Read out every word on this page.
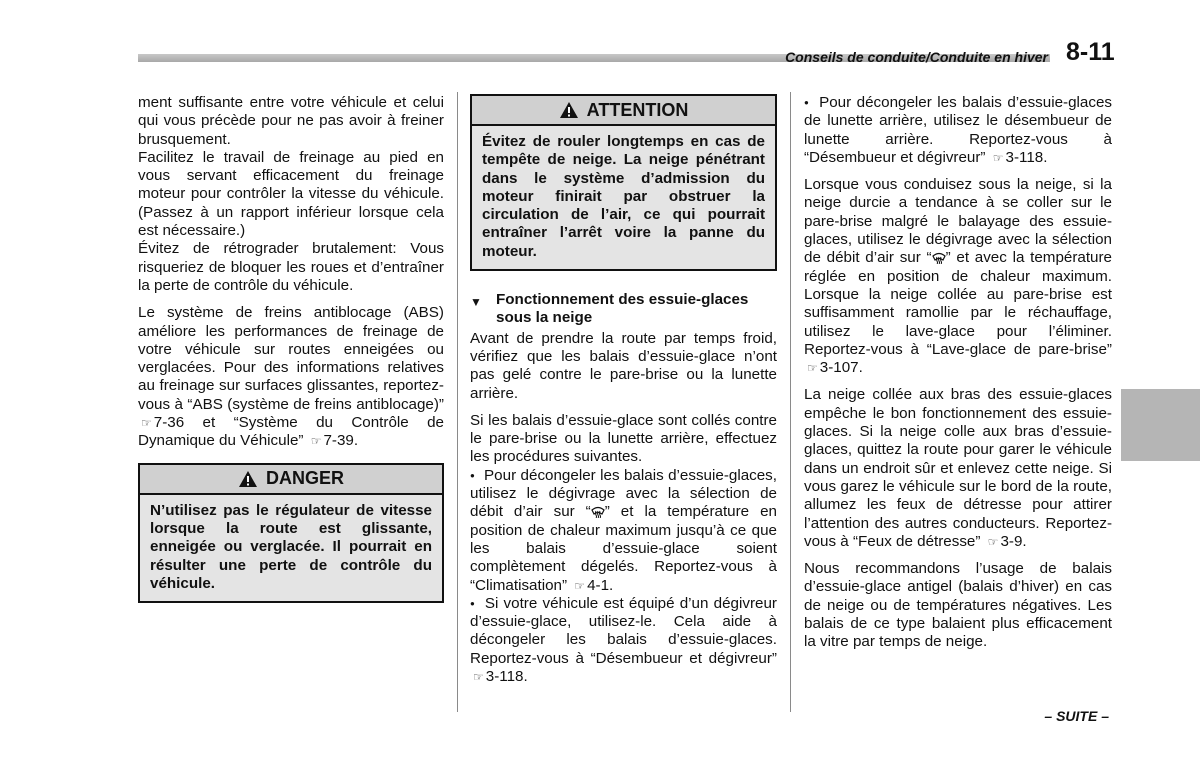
Conseils de conduite/Conduite en hiver 8-11

ment suffisante entre votre véhicule et celui qui vous précède pour ne pas avoir à freiner brusquement.

Facilitez le travail de freinage au pied en vous servant efficacement du freinage moteur pour contrôler la vitesse du véhicule. (Passez à un rapport inférieur lorsque cela est nécessaire.)

Évitez de rétrograder brutalement: Vous risqueriez de bloquer les roues et d’entraîner la perte de contrôle du véhicule.

Le système de freins antiblocage (ABS) améliore les performances de freinage de votre véhicule sur routes enneigées ou verglacées. Pour des informations relatives au freinage sur surfaces glissantes, reportez-vous à “ABS (système de freins antiblocage)” ☞ 7-36 et “Système du Contrôle de Dynamique du Véhicule” ☞ 7-39.

DANGER
N’utilisez pas le régulateur de vitesse lorsque la route est glissante, enneigée ou verglacée. Il pourrait en résulter une perte de contrôle du véhicule.
ATTENTION
Évitez de rouler longtemps en cas de tempête de neige. La neige pénétrant dans le système d’admission du moteur finirait par obstruer la circulation de l’air, ce qui pourrait entraîner l’arrêt voire la panne du moteur.
▼ Fonctionnement des essuie-glaces sous la neige

Avant de prendre la route par temps froid, vérifiez que les balais d’essuie-glace n’ont pas gelé contre le pare-brise ou la lunette arrière.

Si les balais d’essuie-glace sont collés contre le pare-brise ou la lunette arrière, effectuez les procédures suivantes.

● Pour décongeler les balais d’essuie-glaces, utilisez le dégivrage avec la sélection de débit d’air sur “ ” et la température en position de chaleur maximum jusqu’à ce que les balais d’essuie-glace soient complètement dégelés. Reportez-vous à “Climatisation” ☞ 4-1.

● Si votre véhicule est équipé d’un dégivreur d’essuie-glace, utilisez-le. Cela aide à décongeler les balais d’essuie-glaces. Reportez-vous à “Désembueur et dégivreur” ☞ 3-118.

● Pour décongeler les balais d’essuie-glaces de lunette arrière, utilisez le désembueur de lunette arrière. Reportez-vous à “Désembueur et dégivreur” ☞ 3-118.

Lorsque vous conduisez sous la neige, si la neige durcie a tendance à se coller sur le pare-brise malgré le balayage des essuie-glaces, utilisez le dégivrage avec la sélection de débit d’air sur “ ” et avec la température réglée en position de chaleur maximum. Lorsque la neige collée au pare-brise est suffisamment ramollie par le réchauffage, utilisez le lave-glace pour l’éliminer. Reportez-vous à “Lave-glace de pare-brise” ☞ 3-107.

La neige collée aux bras des essuie-glaces empêche le bon fonctionnement des essuie-glaces. Si la neige colle aux bras d’essuie-glaces, quittez la route pour garer le véhicule dans un endroit sûr et enlevez cette neige. Si vous garez le véhicule sur le bord de la route, allumez les feux de détresse pour attirer l’attention des autres conducteurs. Reportez-vous à “Feux de détresse” ☞ 3-9.

Nous recommandons l’usage de balais d’essuie-glace antigel (balais d’hiver) en cas de neige ou de températures négatives. Les balais de ce type balaient plus efficacement la vitre par temps de neige.

– SUITE –
